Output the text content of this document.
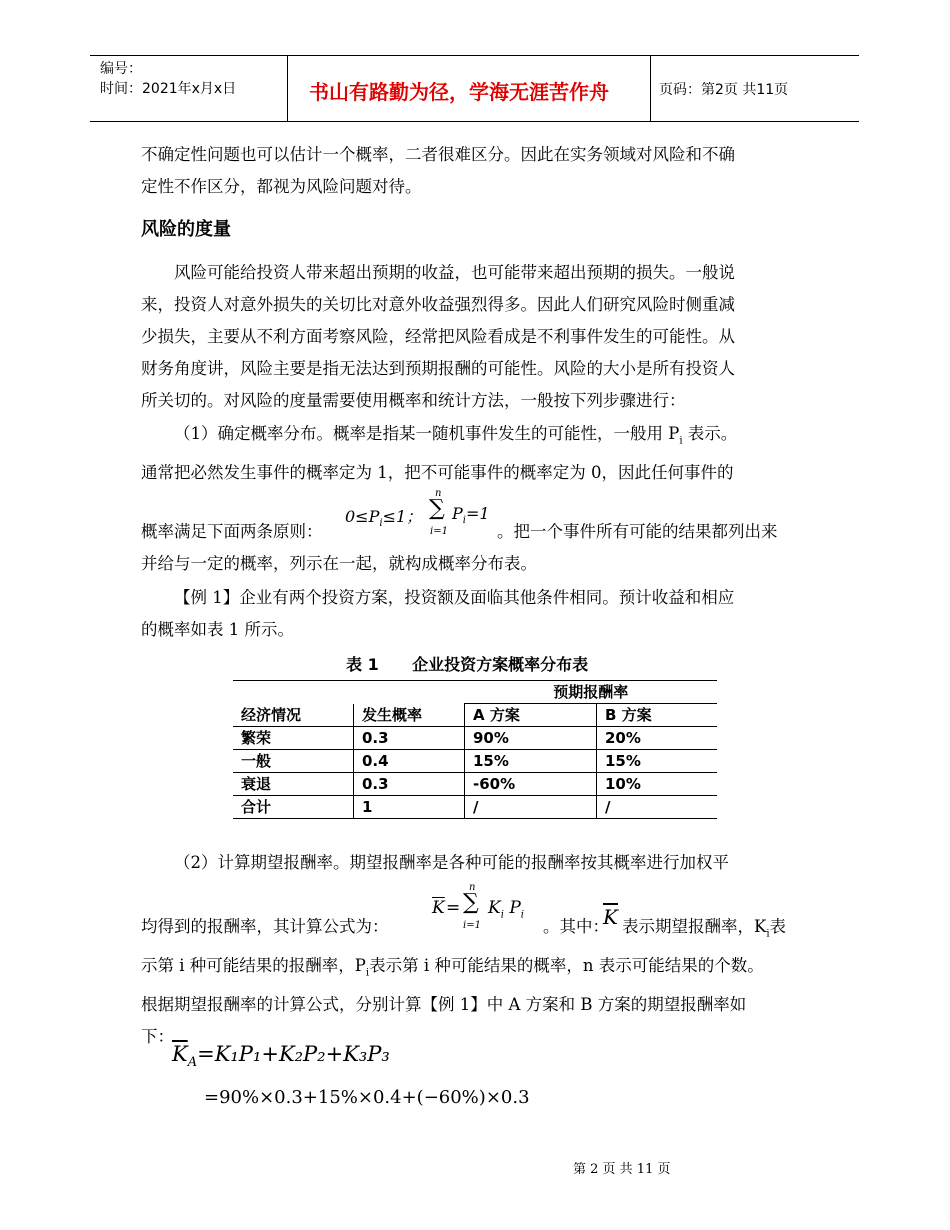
编号：
时间：2021年x月x日	书山有路勤为径，学海无涯苦作舟	页码：第2页 共11页
不确定性问题也可以估计一个概率，二者很难区分。因此在实务领域对风险和不确
定性不作区分，都视为风险问题对待。
风险的度量
风险可能给投资人带来超出预期的收益，也可能带来超出预期的损失。一般说
来，投资人对意外损失的关切比对意外收益强烈得多。因此人们研究风险时侧重减
少损失，主要从不利方面考察风险，经常把风险看成是不利事件发生的可能性。从
财务角度讲，风险主要是指无法达到预期报酬的可能性。风险的大小是所有投资人
所关切的。对风险的度量需要使用概率和统计方法，一般按下列步骤进行：
（1）确定概率分布。概率是指某一随机事件发生的可能性，一般用 $P_i$ 表示。
通常把必然发生事件的概率定为 1，把不可能事件的概率定为 0，因此任何事件的
$0\le P_i\le 1$；
n
∑
i=1
$P_i=1$
概率满足下面两条原则：	。把一个事件所有可能的结果都列出来
并给与一定的概率，列示在一起，就构成概率分布表。
【例 1】企业有两个投资方案，投资额及面临其他条件相同。预计收益和相应
的概率如表 1 所示。
表 1      企业投资方案概率分布表
		预期报酬率	
经济情况	发生概率	A 方案	B 方案
繁荣	0.3	90%	20%
一般	0.4	15%	15%
衰退	0.3	-60%	10%
合计	1	/	/
（2）计算期望报酬率。期望报酬率是各种可能的报酬率按其概率进行加权平
$\overline{K}$ =
n
∑
i=1
$K_i$ $P_i$
均得到的报酬率，其计算公式为：	。其中：
$\overline{K}$ 表示期望报酬率，$K_i$表
示第 i 种可能结果的报酬率，$P_i$表示第 i 种可能结果的概率，n 表示可能结果的个数。
根据期望报酬率的计算公式，分别计算【例 1】中 A 方案和 B 方案的期望报酬率如
下：
$\overline{K}_A=K_1P_1+K_2P_2+K_3P_3$
=90%×0.3+15%×0.4+(−60%)×0.3
第 2 页 共 11 页
